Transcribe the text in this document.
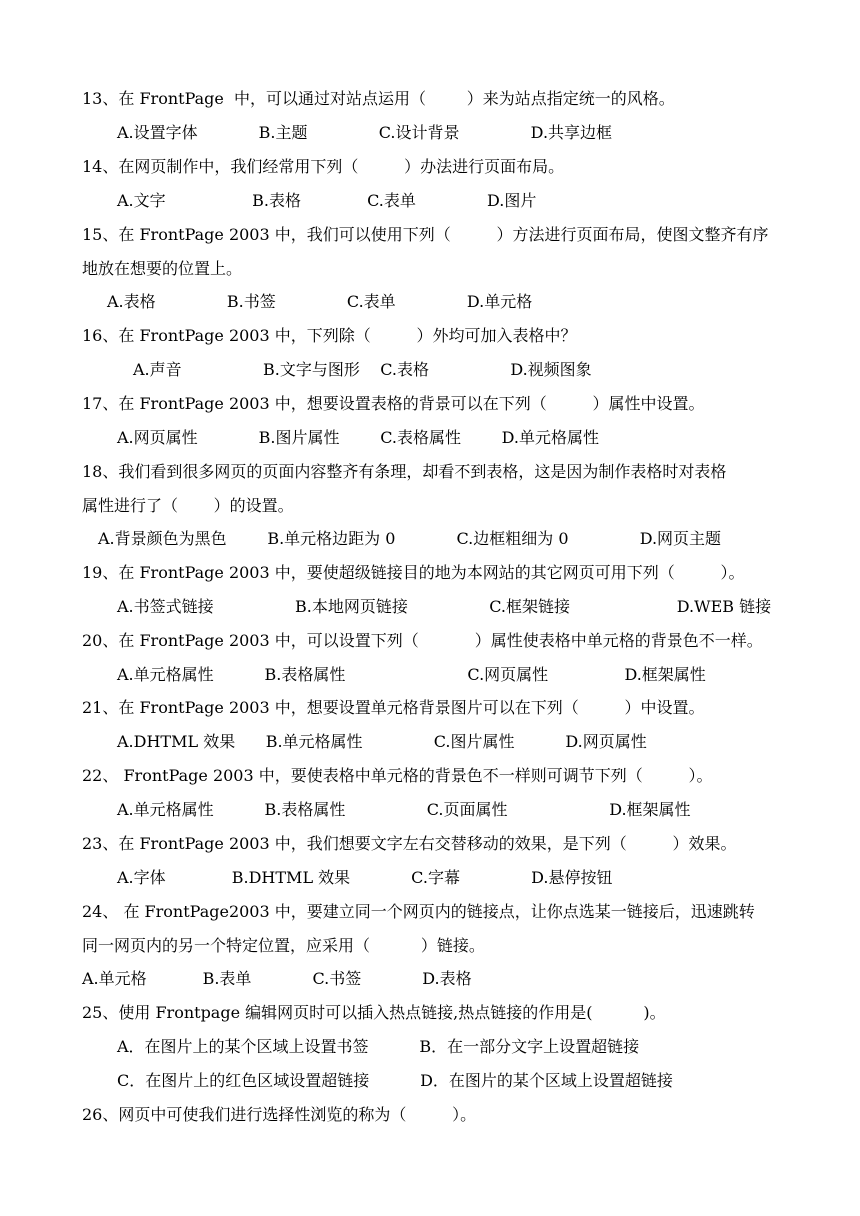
13、在 FrontPage  中，可以通过对站点运用（        ）来为站点指定统一的风格。
A.设置字体            B.主题              C.设计背景              D.共享边框
14、在网页制作中，我们经常用下列（         ）办法进行页面布局。
A.文字                 B.表格             C.表单              D.图片
15、在 FrontPage 2003 中，我们可以使用下列（         ）方法进行页面布局，使图文整齐有序
地放在想要的位置上。
A.表格              B.书签              C.表单              D.单元格
16、在 FrontPage 2003 中，下列除（         ）外均可加入表格中？
A.声音                B.文字与图形    C.表格                D.视频图象
17、在 FrontPage 2003 中，想要设置表格的背景可以在下列（         ）属性中设置。
A.网页属性            B.图片属性        C.表格属性        D.单元格属性
18、我们看到很多网页的页面内容整齐有条理，却看不到表格，这是因为制作表格时对表格
属性进行了（       ）的设置。
A.背景颜色为黑色        B.单元格边距为 0            C.边框粗细为 0              D.网页主题
19、在 FrontPage 2003 中，要使超级链接目的地为本网站的其它网页可用下列（         ）。
A.书签式链接                B.本地网页链接                C.框架链接                     D.WEB 链接
20、在 FrontPage 2003 中，可以设置下列（           ）属性使表格中单元格的背景色不一样。
A.单元格属性          B.表格属性                        C.网页属性               D.框架属性
21、在 FrontPage 2003 中，想要设置单元格背景图片可以在下列（         ）中设置。
A.DHTML 效果      B.单元格属性              C.图片属性          D.网页属性
22、 FrontPage 2003 中，要使表格中单元格的背景色不一样则可调节下列（         ）。
A.单元格属性          B.表格属性                C.页面属性                    D.框架属性
23、在 FrontPage 2003 中，我们想要文字左右交替移动的效果，是下列（         ）效果。
A.字体             B.DHTML 效果            C.字幕              D.悬停按钮
24、 在 FrontPage2003 中，要建立同一个网页内的链接点，让你点选某一链接后，迅速跳转
同一网页内的另一个特定位置，应采用（          ）链接。
A.单元格           B.表单            C.书签            D.表格
25、使用 Frontpage 编辑网页时可以插入热点链接,热点链接的作用是(          )。
A．在图片上的某个区域上设置书签          B．在一部分文字上设置超链接
C．在图片上的红色区域设置超链接          D．在图片的某个区域上设置超链接
26、网页中可使我们进行选择性浏览的称为（         ）。
